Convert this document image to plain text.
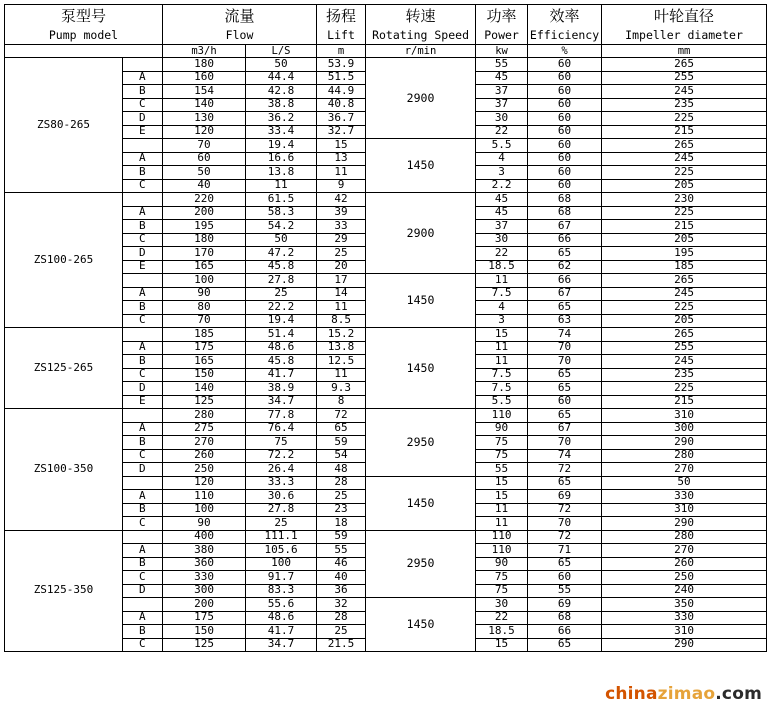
泵型号		流量		扬程	转速	功率	效率	叶轮直径
Pump model		Flow		Lift	Rotating Speed	Power	Efficiency	Impeller diameter
		m3/h	L/S	m	r/min	kw	%	mm
ZS80-265		180	50	53.9	2900	55	60	265
	A	160	44.4	51.5		45	60	255
	B	154	42.8	44.9		37	60	245
	C	140	38.8	40.8		37	60	235
	D	130	36.2	36.7		30	60	225
	E	120	33.4	32.7		22	60	215
		70	19.4	15	1450	5.5	60	265
	A	60	16.6	13		4	60	245
	B	50	13.8	11		3	60	225
	C	40	11	9		2.2	60	205
ZS100-265		220	61.5	42	2900	45	68	230
	A	200	58.3	39		45	68	225
	B	195	54.2	33		37	67	215
	C	180	50	29		30	66	205
	D	170	47.2	25		22	65	195
	E	165	45.8	20		18.5	62	185
		100	27.8	17	1450	11	66	265
	A	90	25	14		7.5	67	245
	B	80	22.2	11		4	65	225
	C	70	19.4	8.5		3	63	205
ZS125-265		185	51.4	15.2	1450	15	74	265
	A	175	48.6	13.8		11	70	255
	B	165	45.8	12.5		11	70	245
	C	150	41.7	11		7.5	65	235
	D	140	38.9	9.3		7.5	65	225
	E	125	34.7	8		5.5	60	215
ZS100-350		280	77.8	72	2950	110	65	310
	A	275	76.4	65		90	67	300
	B	270	75	59		75	70	290
	C	260	72.2	54		75	74	280
	D	250	26.4	48		55	72	270
		120	33.3	28	1450	15	65	50
	A	110	30.6	25		15	69	330
	B	100	27.8	23		11	72	310
	C	90	25	18		11	70	290
ZS125-350		400	111.1	59	2950	110	72	280
	A	380	105.6	55		110	71	270
	B	360	100	46		90	65	260
	C	330	91.7	40		75	60	250
	D	300	83.3	36		75	55	240
		200	55.6	32	1450	30	69	350
	A	175	48.6	28		22	68	330
	B	150	41.7	25		18.5	66	310
	C	125	34.7	21.5		15	65	290
chinazimao.com
